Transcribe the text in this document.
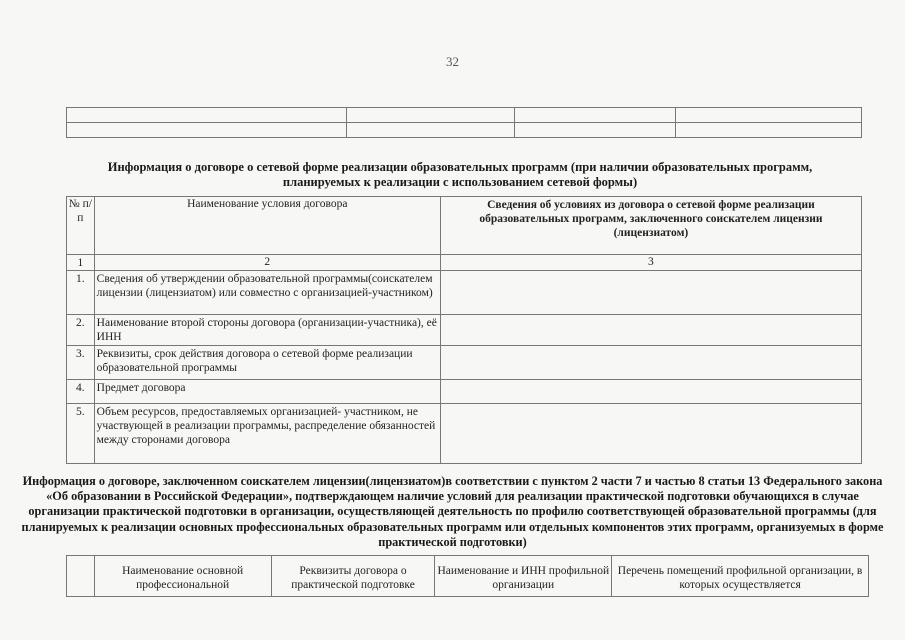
32

Информация о договоре о сетевой форме реализации образовательных программ (при наличии образовательных программ, планируемых к реализации с использованием сетевой формы)
№ п/п	Наименование условия договора	Сведения об условиях из договора о сетевой форме реализации образовательных программ, заключенного соискателем лицензии (лицензиатом)
1	2	3
1.	Сведения об утверждении образовательной программы(соискателем лицензии (лицензиатом) или совместно с организацией-участником)	
2.	Наименование второй стороны договора (организации-участника), её ИНН	
3.	Реквизиты, срок действия договора о сетевой форме реализации образовательной программы	
4.	Предмет договора	
5.	Объем ресурсов, предоставляемых организацией- участником, не участвующей в реализации программы, распределение обязанностей между сторонами договора	
Информация о договоре, заключенном соискателем лицензии(лицензиатом)в соответствии с пунктом 2 части 7 и частью 8 статьи 13 Федерального закона «Об образовании в Российской Федерации», подтверждающем наличие условий для реализации практической подготовки обучающихся в случае организации практической подготовки в организации, осуществляющей деятельность по профилю соответствующей образовательной программы (для планируемых к реализации основных профессиональных образовательных программ или отдельных компонентов этих программ, организуемых в форме практической подготовки)
	Наименование основной профессиональной	Реквизиты договора о практической подготовке	Наименование и ИНН профильной организации	Перечень помещений профильной организации, в которых осуществляется
